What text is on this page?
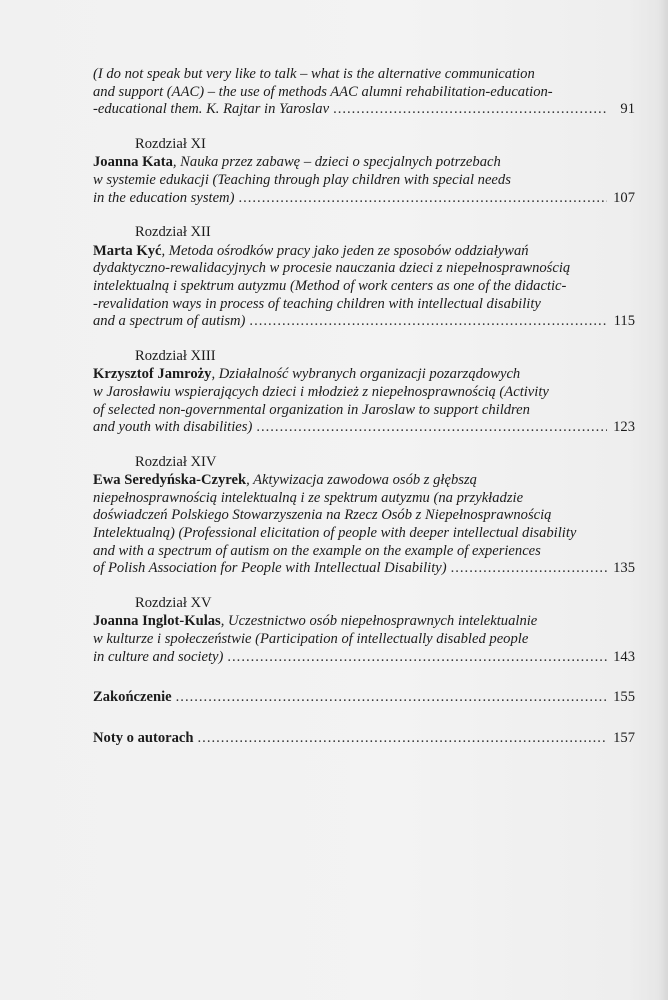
(I do not speak but very like to talk – what is the alternative communication
and support (AAC) – the use of methods AAC alumni rehabilitation-education-
-educational them. K. Rajtar in Yaroslav .....	91
Rozdział XI
Joanna Kata, Nauka przez zabawę – dzieci o specjalnych potrzebach
w systemie edukacji (Teaching through play children with special needs
in the education system) .....	107
Rozdział XII
Marta Kyć, Metoda ośrodków pracy jako jeden ze sposobów oddziaływań
dydaktyczno-rewalidacyjnych w procesie nauczania dzieci z niepełnosprawnością
intelektualną i spektrum autyzmu (Method of work centers as one of the didactic-
-revalidation ways in process of teaching children with intellectual disability
and a spectrum of autism) .....	115
Rozdział XIII
Krzysztof Jamroży, Działalność wybranych organizacji pozarządowych
w Jarosławiu wspierających dzieci i młodzież z niepełnosprawnością (Activity
of selected non-governmental organization in Jaroslaw to support children
and youth with disabilities) .....	123
Rozdział XIV
Ewa Seredyńska-Czyrek, Aktywizacja zawodowa osób z głębszą
niepełnosprawnością intelektualną i ze spektrum autyzmu (na przykładzie
doświadczeń Polskiego Stowarzyszenia na Rzecz Osób z Niepełnosprawnością
Intelektualną) (Professional elicitation of people with deeper intellectual disability
and with a spectrum of autism on the example on the example of experiences
of Polish Association for People with Intellectual Disability) .....	135
Rozdział XV
Joanna Inglot-Kulas, Uczestnictwo osób niepełnosprawnych intelektualnie
w kulturze i społeczeństwie (Participation of intellectually disabled people
in culture and society) .....	143
Zakończenie .....	155
Noty o autorach .....	157
